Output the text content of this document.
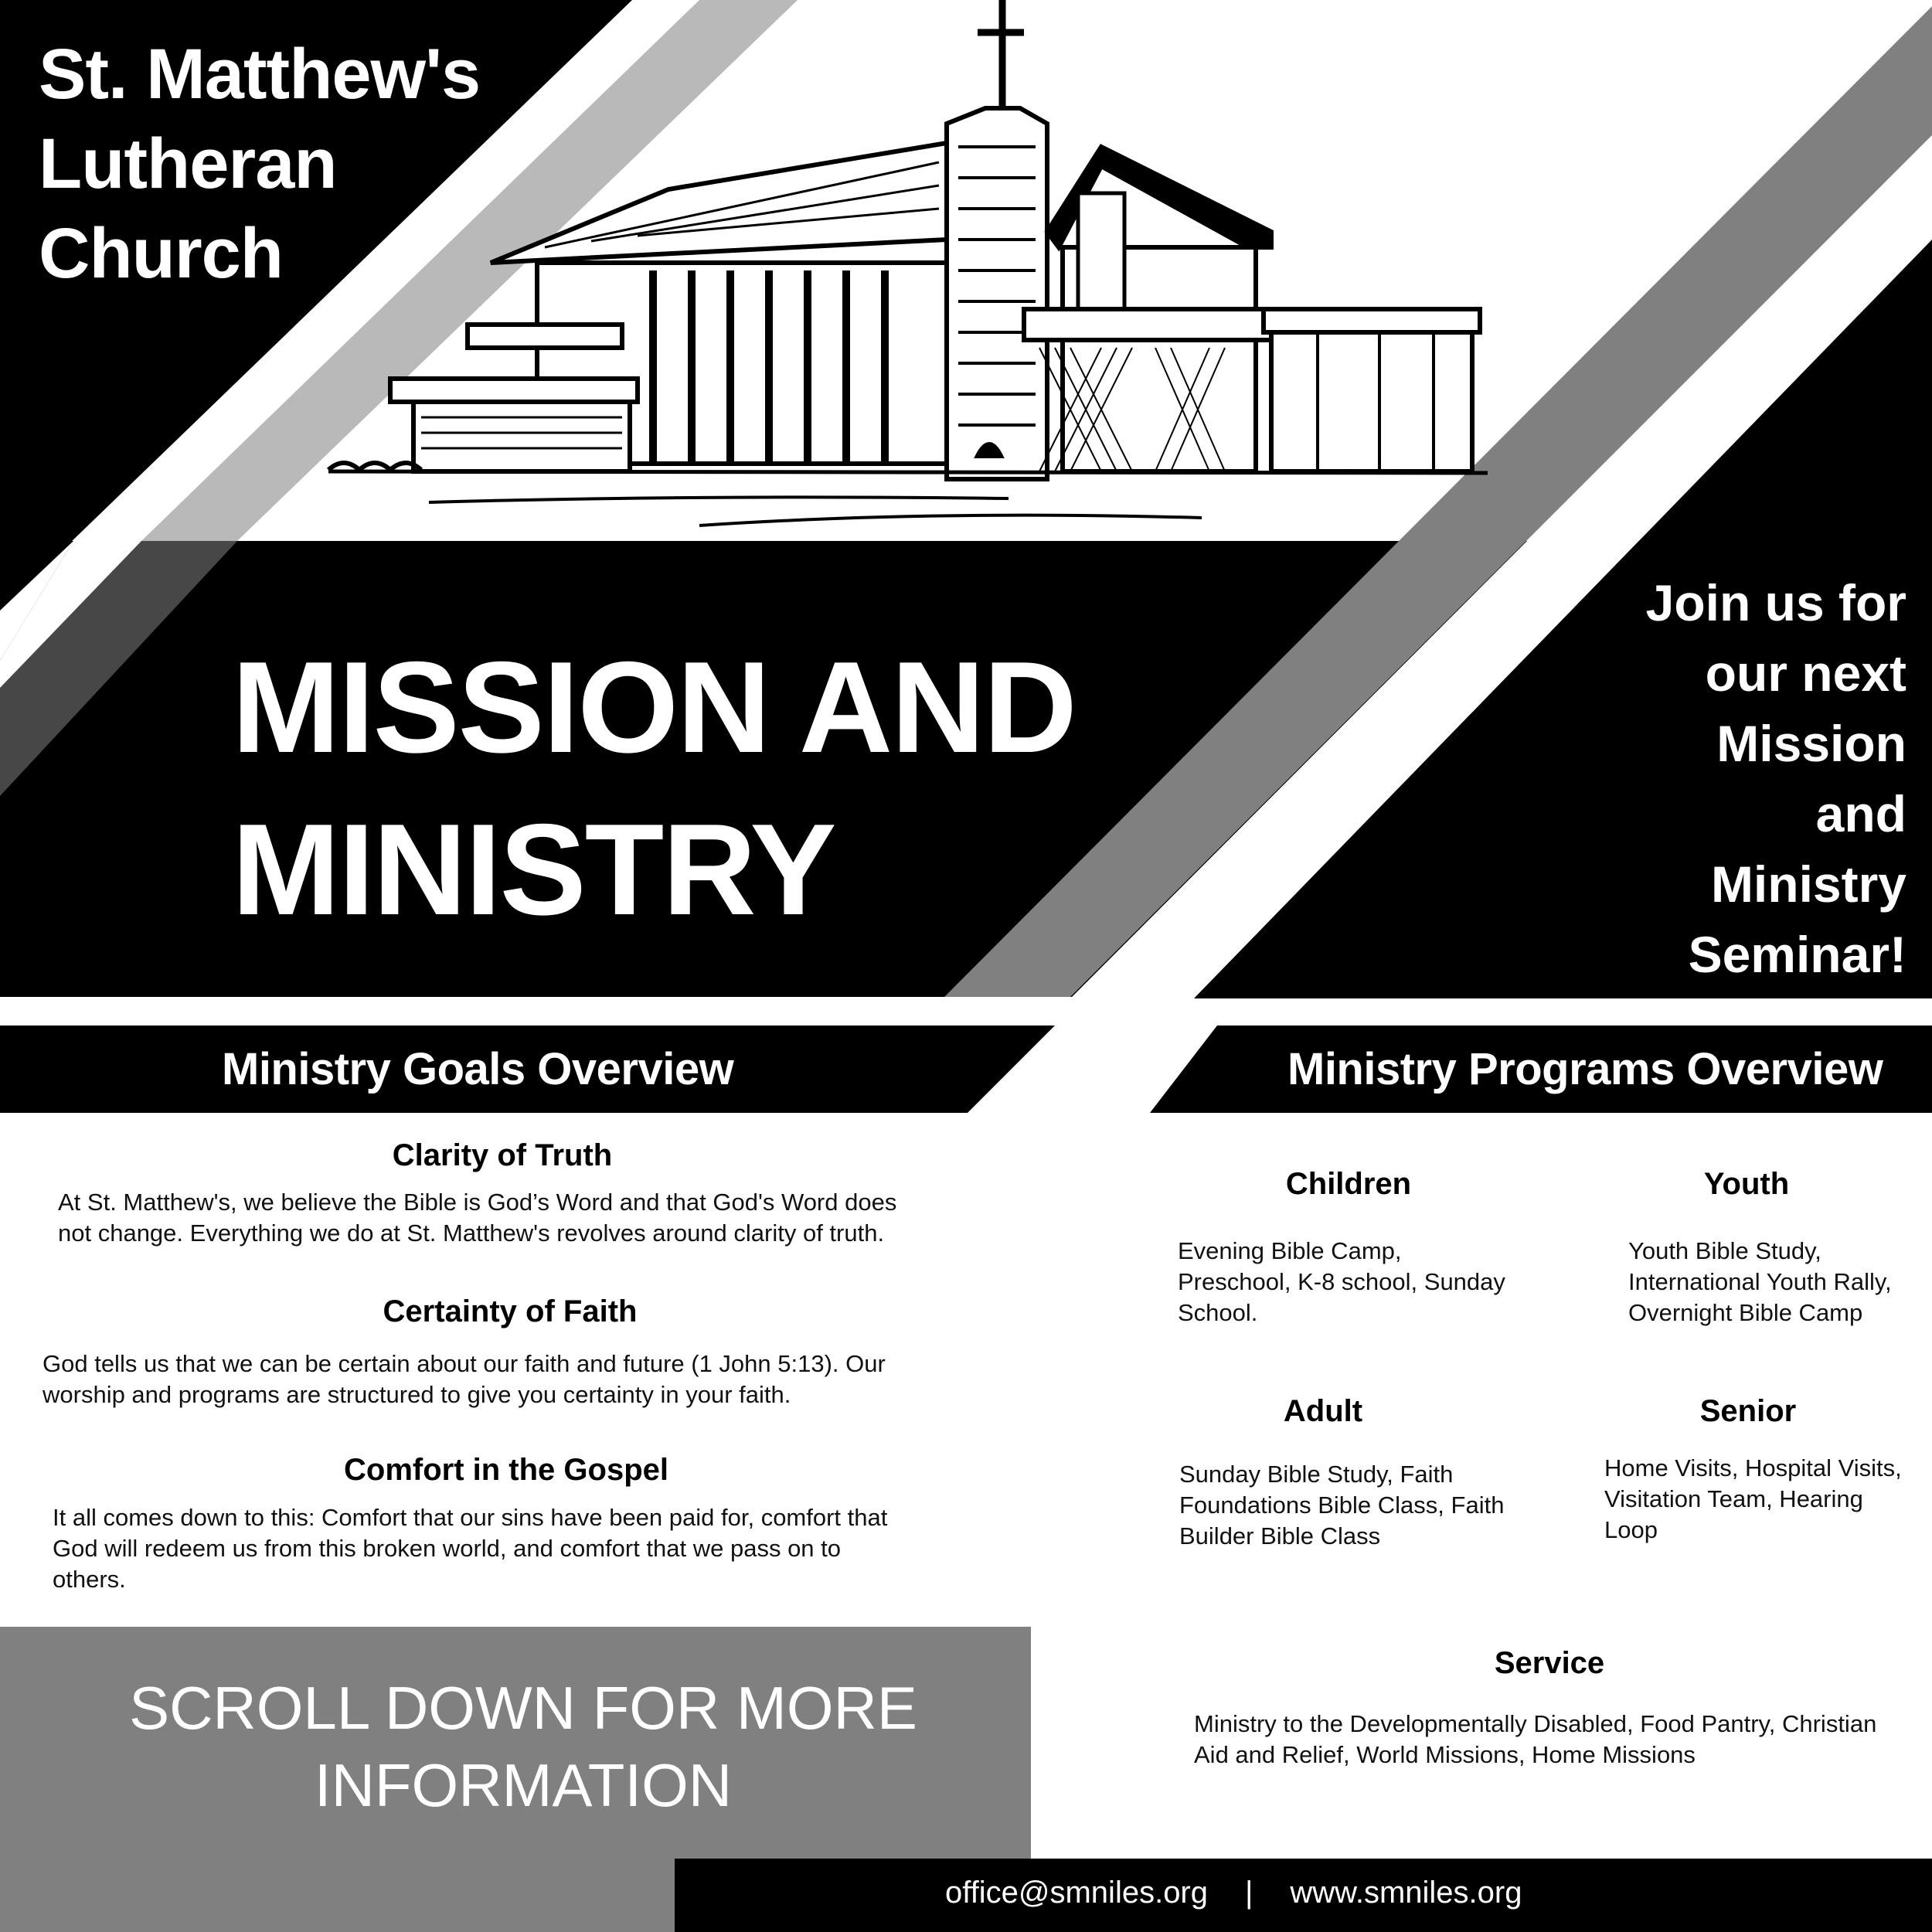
St. Matthew's
Lutheran
Church
MISSION AND
MINISTRY
Join us for
our next
Mission
and
Ministry
Seminar!
Ministry Goals Overview	Ministry Programs Overview
Clarity of Truth
At St. Matthew's, we believe the Bible is God’s Word and that God's Word does
not change. Everything we do at St. Matthew's revolves around clarity of truth.
Certainty of Faith
God tells us that we can be certain about our faith and future (1 John 5:13). Our
worship and programs are structured to give you certainty in your faith.
Comfort in the Gospel
It all comes down to this: Comfort that our sins have been paid for, comfort that
God will redeem us from this broken world, and comfort that we pass on to
others.
Children
Evening Bible Camp,
Preschool, K-8 school, Sunday
School.
Youth
Youth Bible Study,
International Youth Rally,
Overnight Bible Camp
Adult
Sunday Bible Study, Faith
Foundations Bible Class, Faith
Builder Bible Class
Senior
Home Visits, Hospital Visits,
Visitation Team, Hearing
Loop
Service
Ministry to the Developmentally Disabled, Food Pantry, Christian
Aid and Relief, World Missions, Home Missions
SCROLL DOWN FOR MORE
INFORMATION
office@smniles.org | www.smniles.org
